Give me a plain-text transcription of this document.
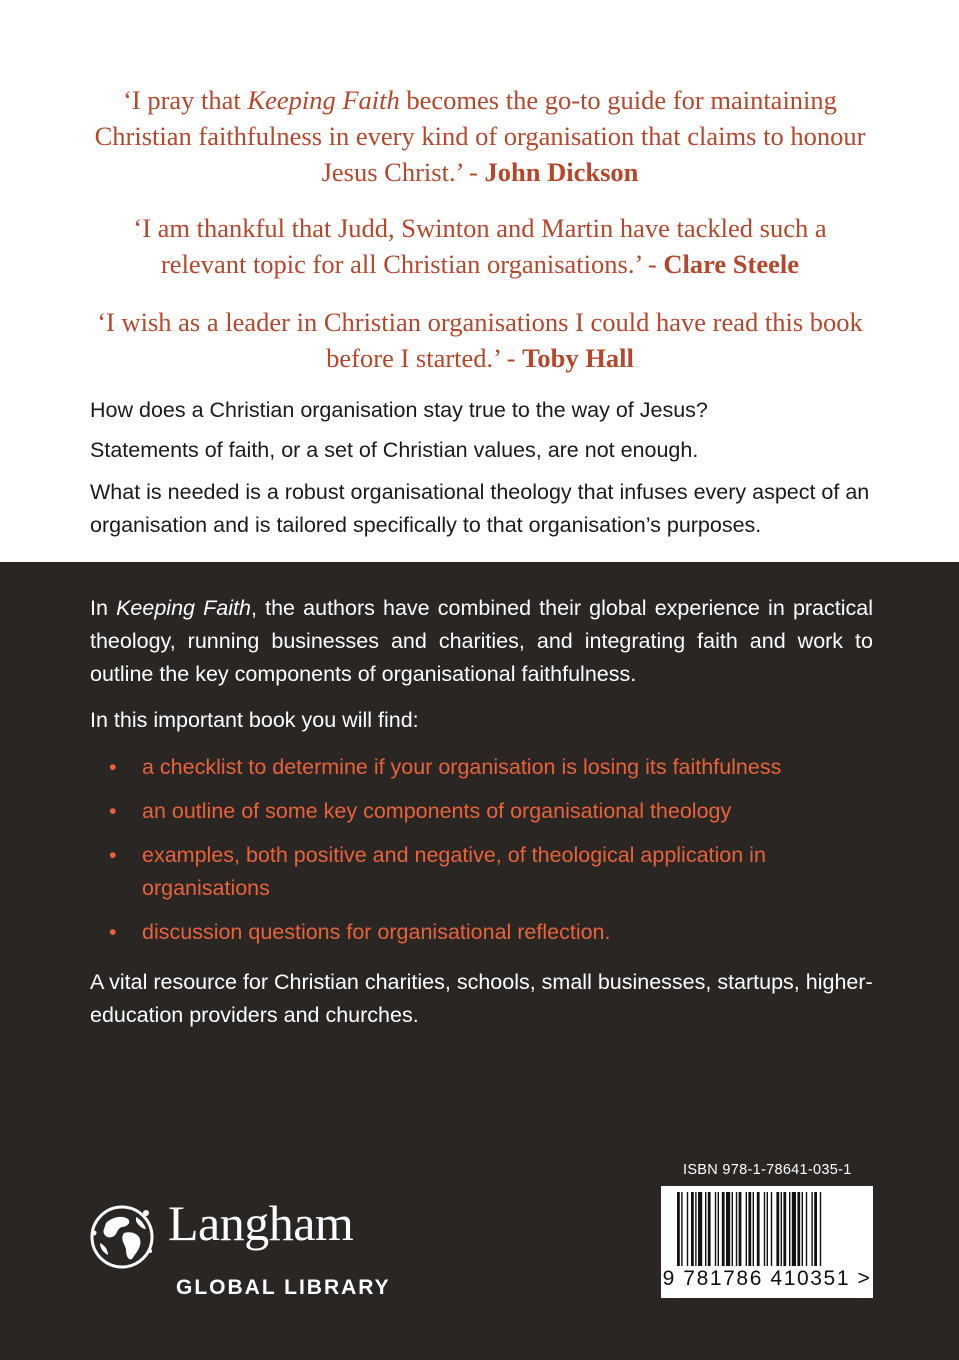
‘I pray that Keeping Faith becomes the go-to guide for maintaining Christian faithfulness in every kind of organisation that claims to honour Jesus Christ.’ - John Dickson
‘I am thankful that Judd, Swinton and Martin have tackled such a relevant topic for all Christian organisations.’ - Clare Steele
‘I wish as a leader in Christian organisations I could have read this book before I started.’ - Toby Hall
How does a Christian organisation stay true to the way of Jesus?
Statements of faith, or a set of Christian values, are not enough.
What is needed is a robust organisational theology that infuses every aspect of an organisation and is tailored specifically to that organisation’s purposes.
In Keeping Faith, the authors have combined their global experience in practical theology, running businesses and charities, and integrating faith and work to outline the key components of organisational faithfulness.
In this important book you will find:
• a checklist to determine if your organisation is losing its faithfulness
• an outline of some key components of organisational theology
• examples, both positive and negative, of theological application in organisations
• discussion questions for organisational reflection.
A vital resource for Christian charities, schools, small businesses, startups, higher-education providers and churches.
Langham
GLOBAL LIBRARY
ISBN 978-1-78641-035-1
9 781786 410351 >
